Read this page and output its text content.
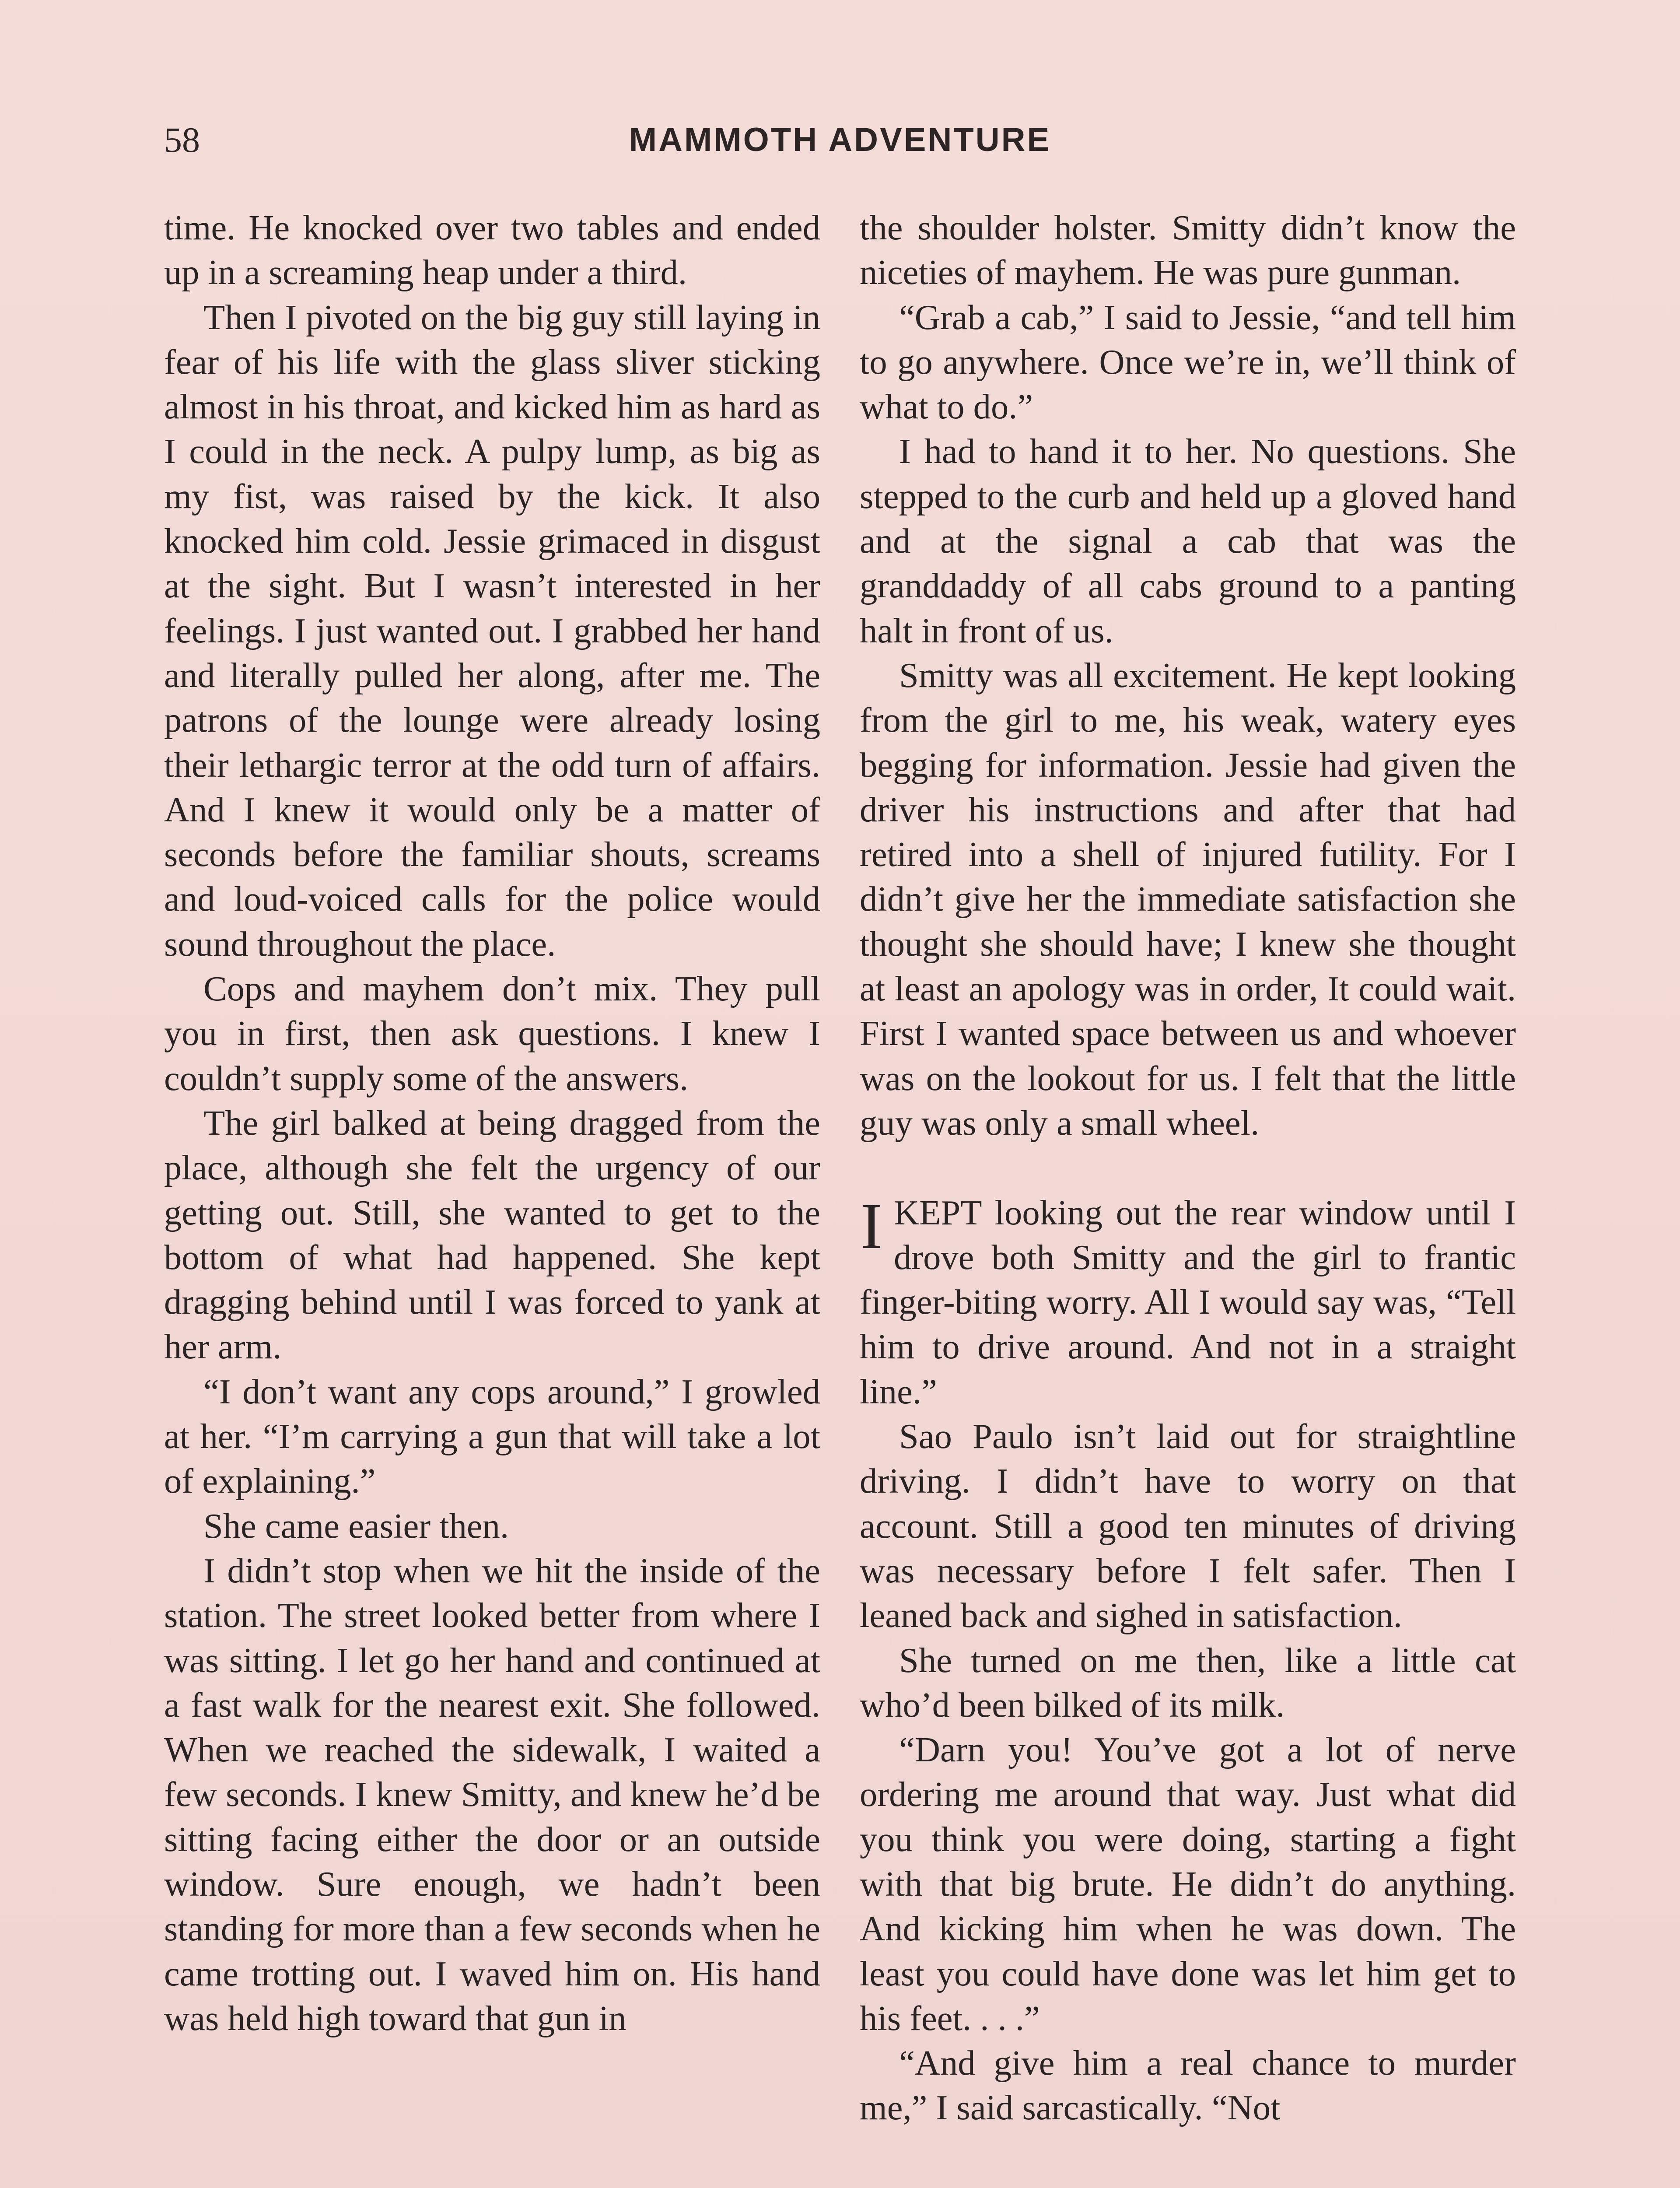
58	MAMMOTH ADVENTURE

time. He knocked over two tables and ended up in a screaming heap under a third.

Then I pivoted on the big guy still laying in fear of his life with the glass sliver sticking almost in his throat, and kicked him as hard as I could in the neck. A pulpy lump, as big as my fist, was raised by the kick. It also knocked him cold. Jessie grimaced in disgust at the sight. But I wasn’t interested in her feelings. I just wanted out. I grabbed her hand and literally pulled her along, after me. The patrons of the lounge were already losing their lethargic terror at the odd turn of affairs. And I knew it would only be a matter of seconds before the familiar shouts, screams and loud-voiced calls for the police would sound throughout the place.

Cops and mayhem don’t mix. They pull you in first, then ask questions. I knew I couldn’t supply some of the answers.

The girl balked at being dragged from the place, although she felt the urgency of our getting out. Still, she wanted to get to the bottom of what had happened. She kept dragging behind until I was forced to yank at her arm.

“I don’t want any cops around,” I growled at her. “I’m carrying a gun that will take a lot of explaining.”

She came easier then.

I didn’t stop when we hit the inside of the station. The street looked better from where I was sitting. I let go her hand and continued at a fast walk for the nearest exit. She followed. When we reached the sidewalk, I waited a few seconds. I knew Smitty, and knew he’d be sitting facing either the door or an outside window. Sure enough, we hadn’t been standing for more than a few seconds when he came trotting out. I waved him on. His hand was held high toward that gun in

the shoulder holster. Smitty didn’t know the niceties of mayhem. He was pure gunman.

“Grab a cab,” I said to Jessie, “and tell him to go anywhere. Once we’re in, we’ll think of what to do.”

I had to hand it to her. No questions. She stepped to the curb and held up a gloved hand and at the signal a cab that was the granddaddy of all cabs ground to a panting halt in front of us.

Smitty was all excitement. He kept looking from the girl to me, his weak, watery eyes begging for information. Jessie had given the driver his instructions and after that had retired into a shell of injured futility. For I didn’t give her the immediate satisfaction she thought she should have; I knew she thought at least an apology was in order, It could wait. First I wanted space between us and whoever was on the lookout for us. I felt that the little guy was only a small wheel.

IKEPT looking out the rear window until I drove both Smitty and the girl to frantic finger-biting worry. All I would say was, “Tell him to drive around. And not in a straight line.”

Sao Paulo isn’t laid out for straightline driving. I didn’t have to worry on that account. Still a good ten minutes of driving was necessary before I felt safer. Then I leaned back and sighed in satisfaction.

She turned on me then, like a little cat who’d been bilked of its milk.

“Darn you! You’ve got a lot of nerve ordering me around that way. Just what did you think you were doing, starting a fight with that big brute. He didn’t do anything. And kicking him when he was down. The least you could have done was let him get to his feet. . . .”

“And give him a real chance to murder me,” I said sarcastically. “Not
